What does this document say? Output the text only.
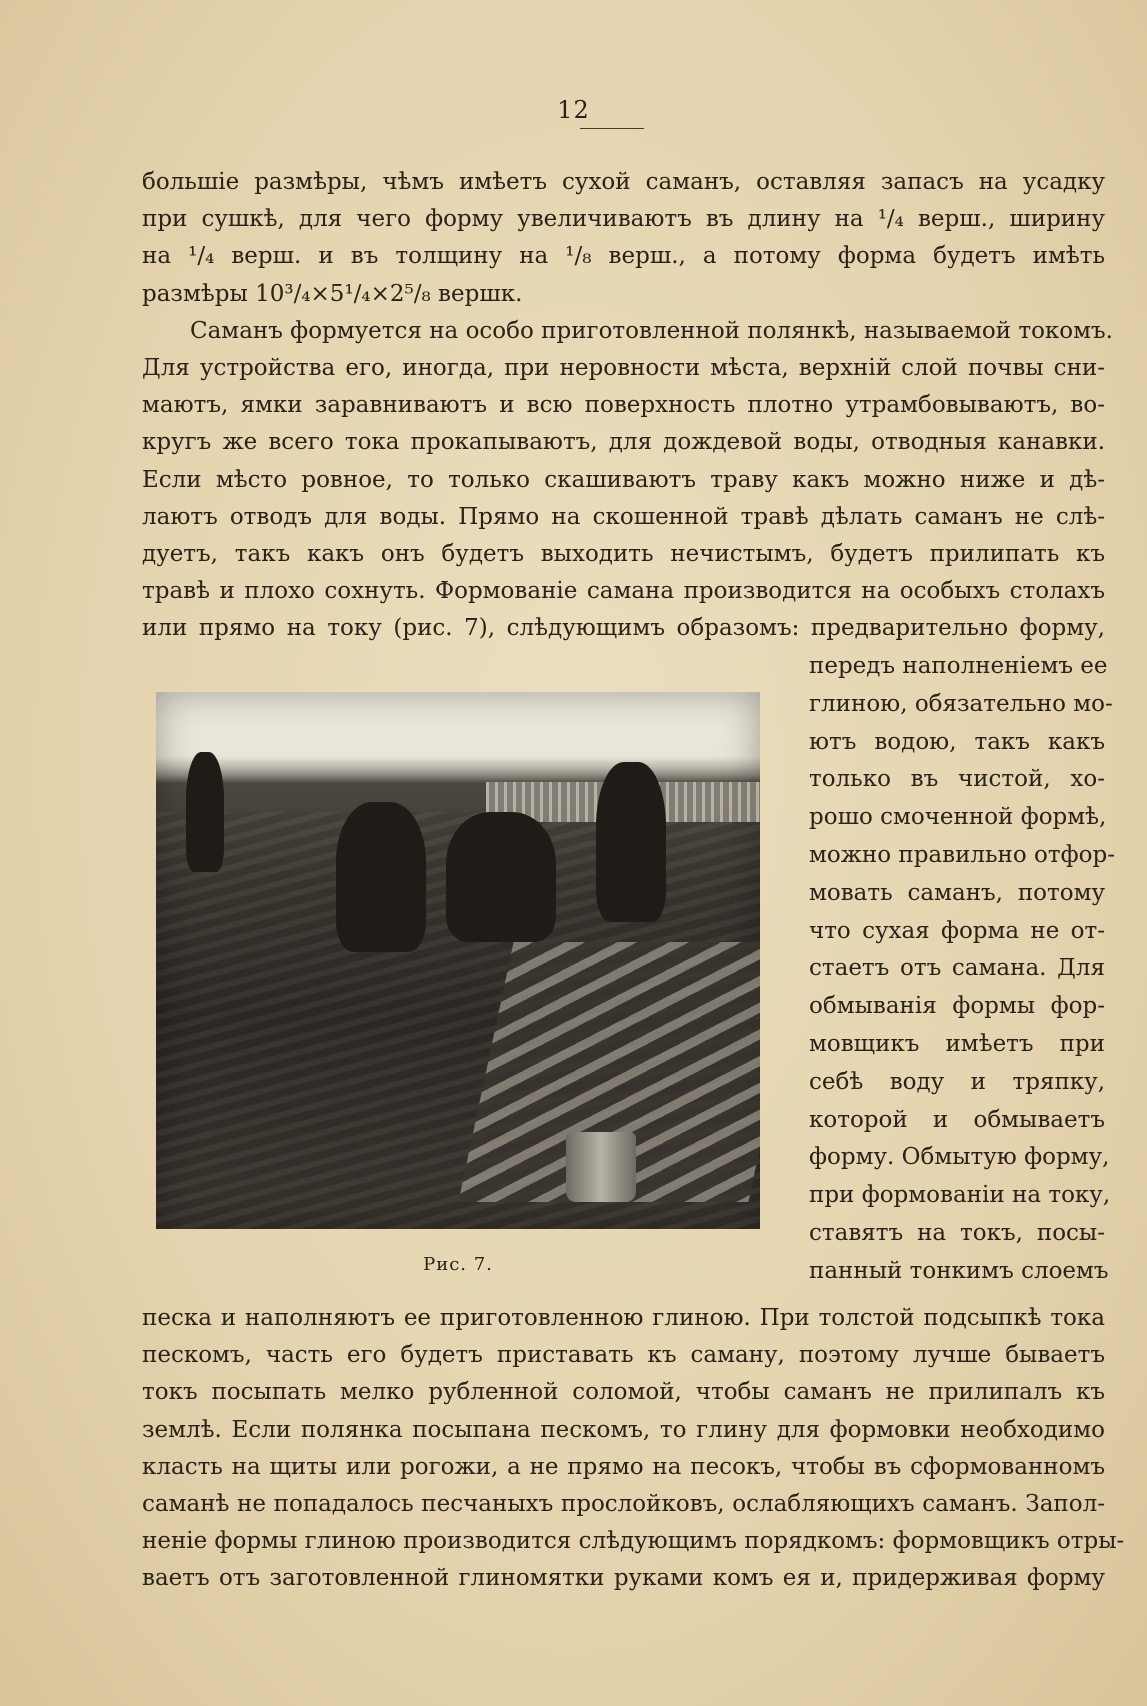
12
большіе размѣры, чѣмъ имѣетъ сухой саманъ, оставляя запасъ на усадку
при сушкѣ, для чего форму увеличиваютъ въ длину на ¹/₄ верш., ширину
на ¹/₄ верш. и въ толщину на ¹/₈ верш., а потому форма будетъ имѣть
размѣры 10³/₄×5¹/₄×2⁵/₈ вершк.
Саманъ формуется на особо приготовленной полянкѣ, называемой токомъ.
Для устройства его, иногда, при неровности мѣста, верхній слой почвы сни-
маютъ, ямки заравниваютъ и всю поверхность плотно утрамбовываютъ, во-
кругъ же всего тока прокапываютъ, для дождевой воды, отводныя канавки.
Если мѣсто ровное, то только скашиваютъ траву какъ можно ниже и дѣ-
лаютъ отводъ для воды. Прямо на скошенной травѣ дѣлать саманъ не слѣ-
дуетъ, такъ какъ онъ будетъ выходить нечистымъ, будетъ прилипать къ
травѣ и плохо сохнуть. Формованіе самана производится на особыхъ столахъ
или прямо на току (рис. 7), слѣдующимъ образомъ: предварительно форму,
Рис. 7.
передъ наполненіемъ ее
глиною, обязательно мо-
ютъ водою, такъ какъ
только въ чистой, хо-
рошо смоченной формѣ,
можно правильно отфор-
мовать саманъ, потому
что сухая форма не от-
стаетъ отъ самана. Для
обмыванія формы фор-
мовщикъ имѣетъ при
себѣ воду и тряпку,
которой и обмываетъ
форму. Обмытую форму,
при формованіи на току,
ставятъ на токъ, посы-
панный тонкимъ слоемъ
песка и наполняютъ ее приготовленною глиною. При толстой подсыпкѣ тока
пескомъ, часть его будетъ приставать къ саману, поэтому лучше бываетъ
токъ посыпать мелко рубленной соломой, чтобы саманъ не прилипалъ къ
землѣ. Если полянка посыпана пескомъ, то глину для формовки необходимо
класть на щиты или рогожи, а не прямо на песокъ, чтобы въ сформованномъ
саманѣ не попадалось песчаныхъ прослойковъ, ослабляющихъ саманъ. Запол-
неніе формы глиною производится слѣдующимъ порядкомъ: формовщикъ отры-
ваетъ отъ заготовленной глиномятки руками комъ ея и, придерживая форму
